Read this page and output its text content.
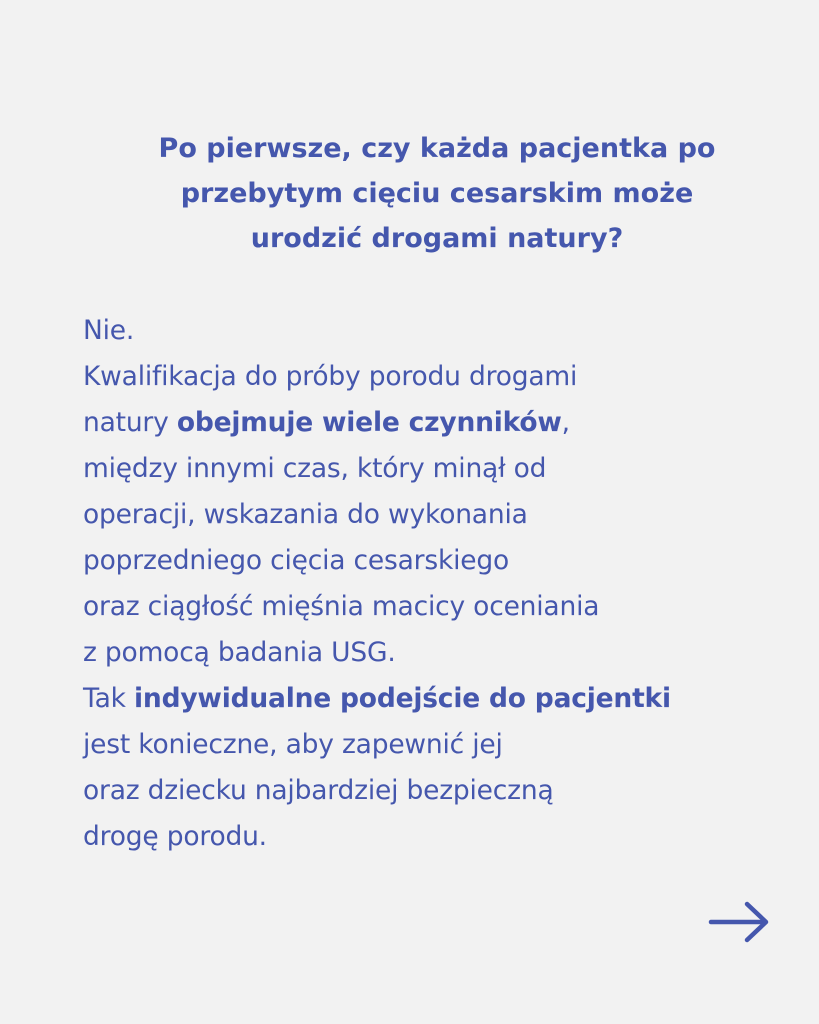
Po pierwsze, czy każda pacjentka po
przebytym cięciu cesarskim może
urodzić drogami natury?
Nie.
Kwalifikacja do próby porodu drogami
natury obejmuje wiele czynników,
między innymi czas, który minął od
operacji, wskazania do wykonania
poprzedniego cięcia cesarskiego
oraz ciągłość mięśnia macicy oceniania
z pomocą badania USG.
Tak indywidualne podejście do pacjentki
jest konieczne, aby zapewnić jej
oraz dziecku najbardziej bezpieczną
drogę porodu.
